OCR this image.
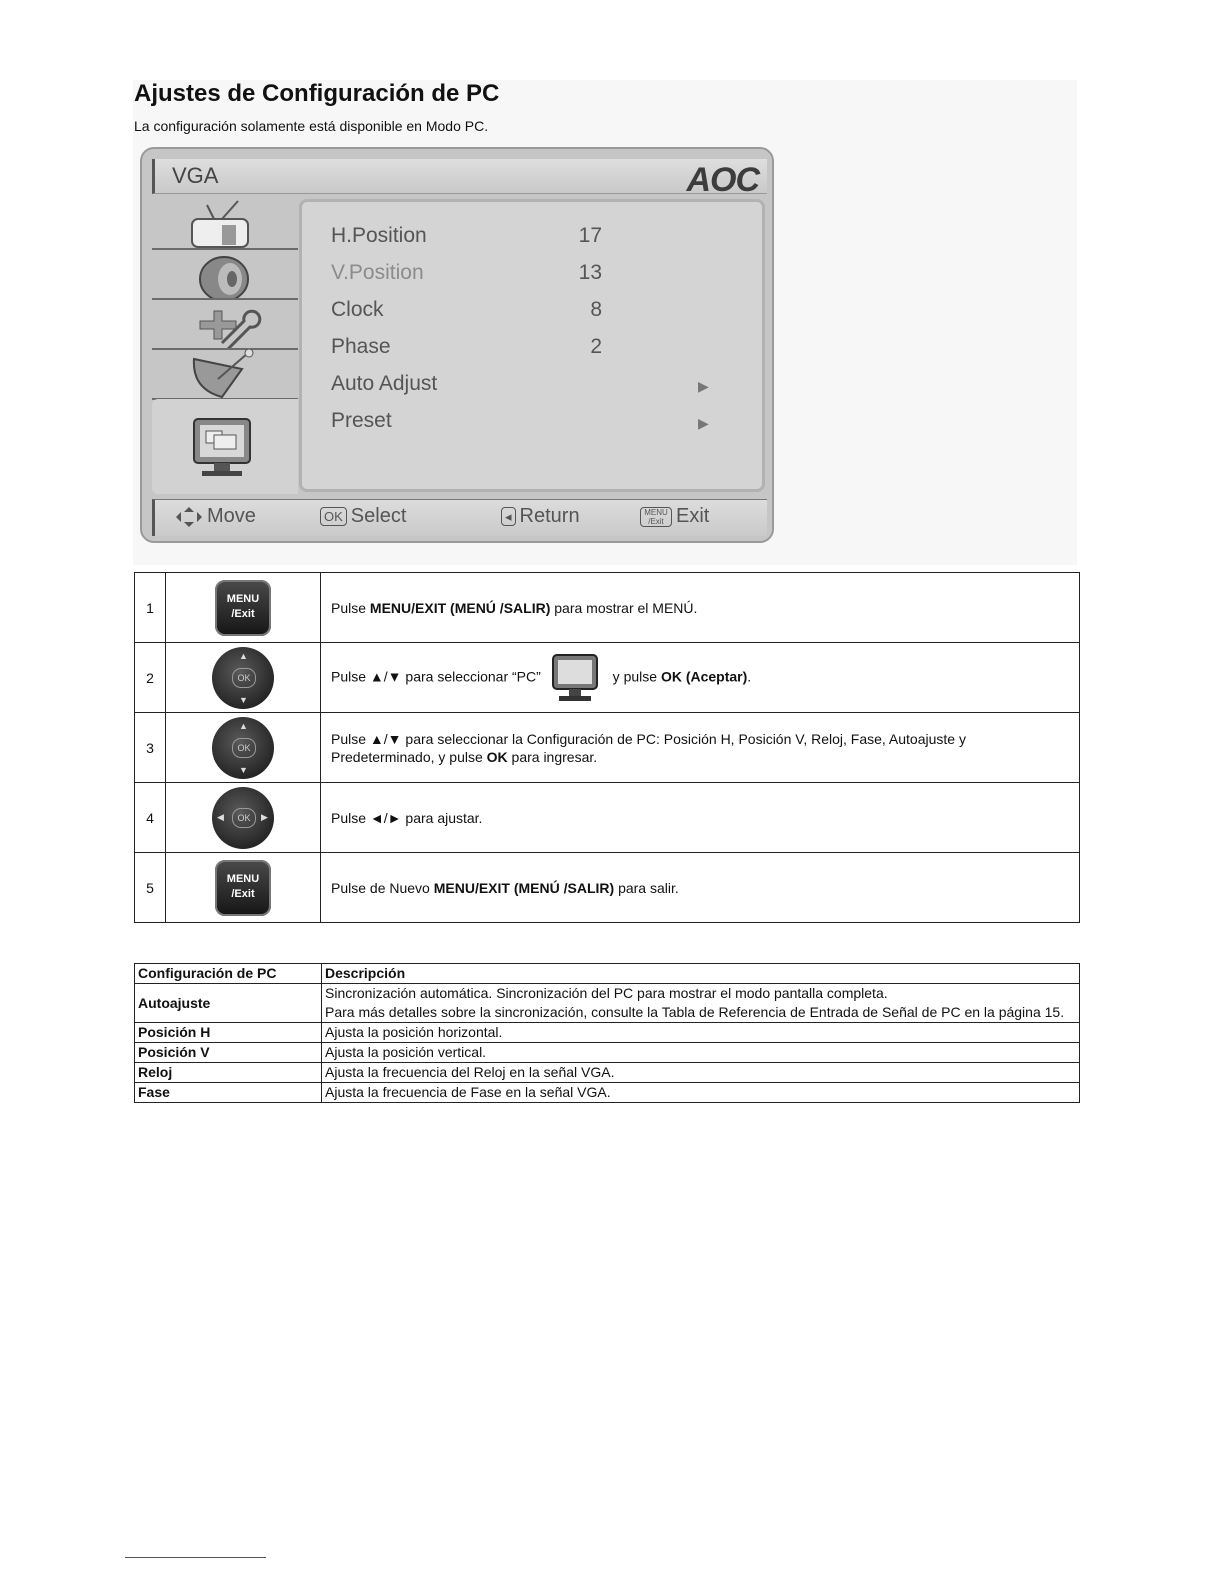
Ajustes de Configuración de PC
La configuración solamente está disponible en Modo PC.
VGA	AOC
H.Position	17
V.Position	13
Clock	8
Phase	2
Auto Adjust	▶
Preset	▶
Move	OK Select	◂ Return	MENU /Exit Exit
1	MENU /Exit	Pulse MENU/EXIT (MENÚ /SALIR) para mostrar el MENÚ.
2	▲
OK
▼	Pulse ▲/▼ para seleccionar “PC” y pulse OK (Aceptar).
3	▲
OK
▼	Pulse ▲/▼ para seleccionar la Configuración de PC: Posición H, Posición V, Reloj, Fase, Autoajuste y Predeterminado, y pulse OK para ingresar.
4	◀ OK ▶	Pulse ◄/► para ajustar.
5	MENU /Exit	Pulse de Nuevo MENU/EXIT (MENÚ /SALIR) para salir.
Configuración de PC	Descripción
Autoajuste	Sincronización automática. Sincronización del PC para mostrar el modo pantalla completa.
Para más detalles sobre la sincronización, consulte la Tabla de Referencia de Entrada de Señal de PC en la página 15.

Posición H	Ajusta la posición horizontal.
Posición V	Ajusta la posición vertical.
Reloj	Ajusta la frecuencia del Reloj en la señal VGA.
Fase	Ajusta la frecuencia de Fase en la señal VGA.
